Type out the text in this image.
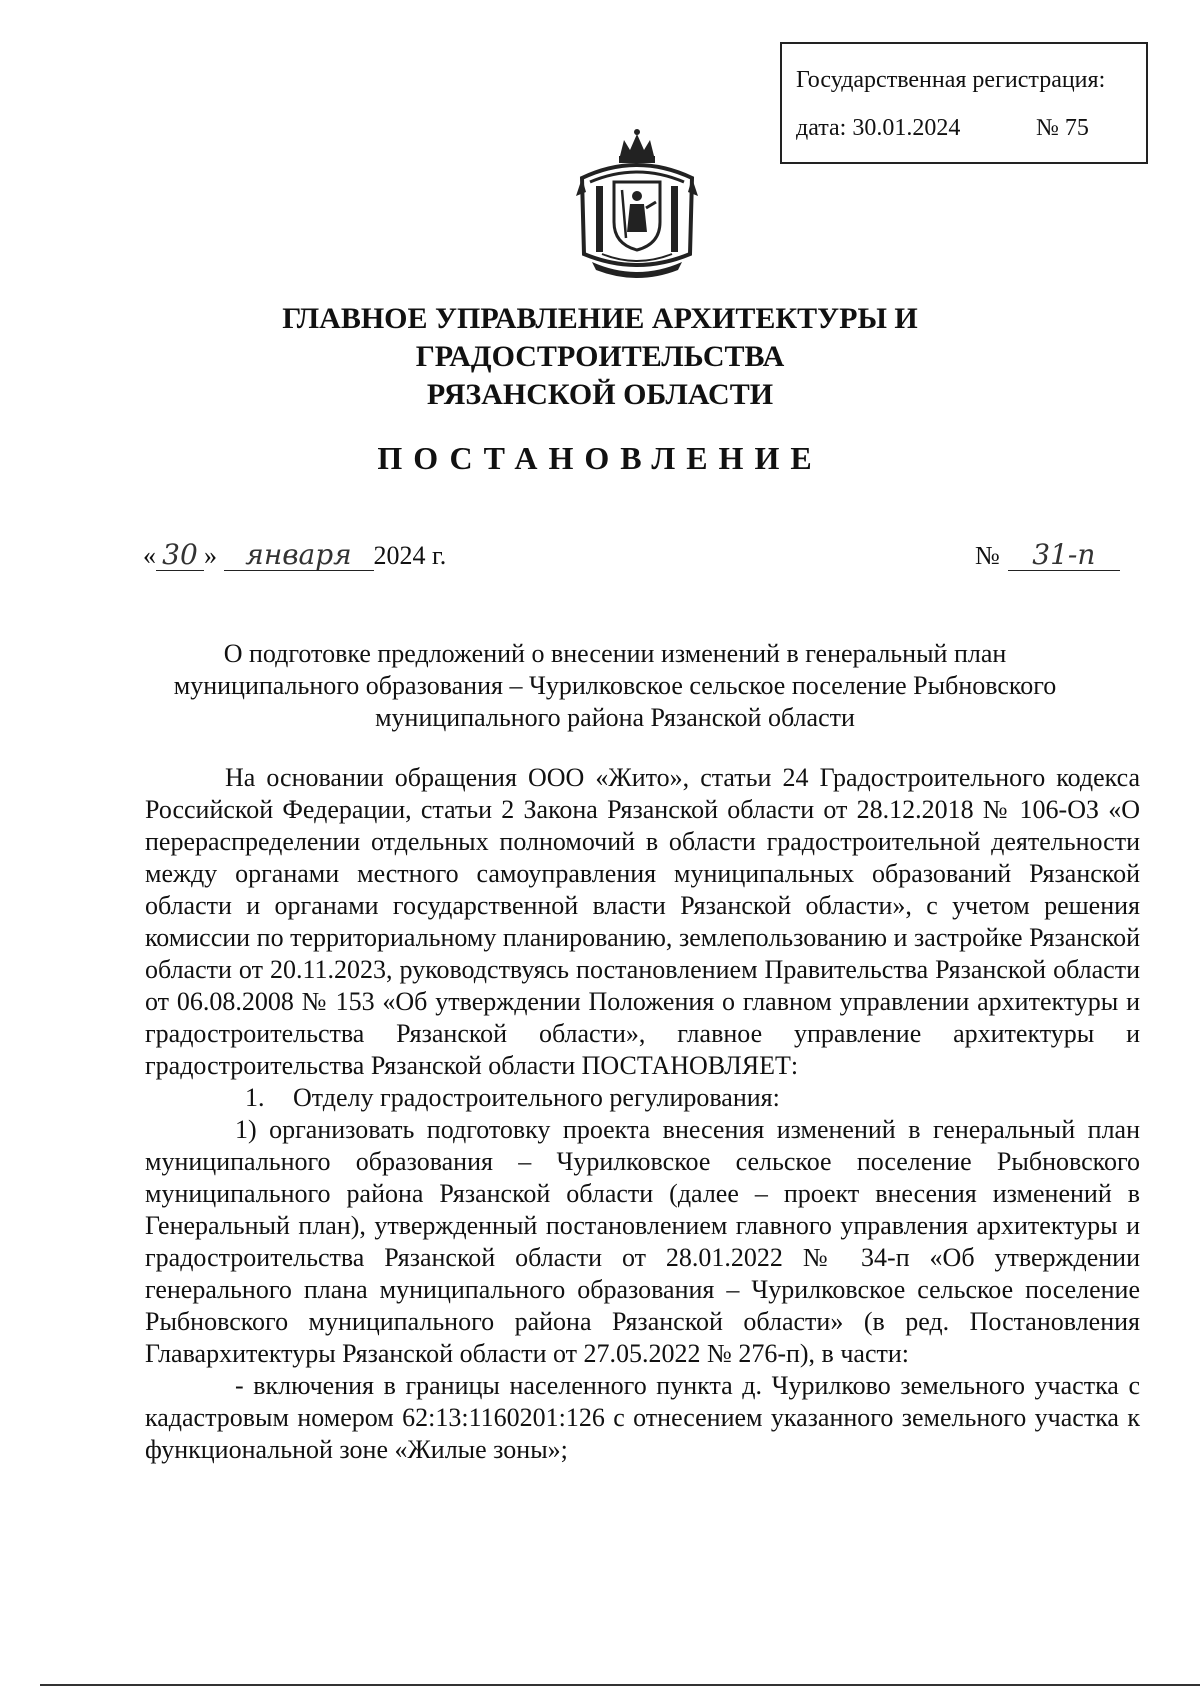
Государственная регистрация:
дата: 30.01.2024	№ 75
ГЛАВНОЕ УПРАВЛЕНИЕ АРХИТЕКТУРЫ И ГРАДОСТРОИТЕЛЬСТВА
РЯЗАНСКОЙ ОБЛАСТИ
ПОСТАНОВЛЕНИЕ
« 30 » января 2024 г.	№ 31-п
О подготовке предложений о внесении изменений в генеральный план
муниципального образования – Чурилковское сельское поселение Рыбновского
муниципального района Рязанской области

На основании обращения ООО «Жито», статьи 24 Градостроительного кодекса Российской Федерации, статьи 2 Закона Рязанской области от 28.12.2018 № 106-ОЗ «О перераспределении отдельных полномочий в области градостроительной деятельности между органами местного самоуправления муниципальных образований Рязанской области и органами государственной власти Рязанской области», с учетом решения комиссии по территориальному планированию, землепользованию и застройке Рязанской области от 20.11.2023, руководствуясь постановлением Правительства Рязанской области от 06.08.2008 № 153 «Об утверждении Положения о главном управлении архитектуры и градостроительства Рязанской области», главное управление архитектуры и градостроительства Рязанской области ПОСТАНОВЛЯЕТ:

1. Отделу градостроительного регулирования:

1) организовать подготовку проекта внесения изменений в генеральный план муниципального образования – Чурилковское сельское поселение Рыбновского муниципального района Рязанской области (далее – проект внесения изменений в Генеральный план), утвержденный постановлением главного управления архитектуры и градостроительства Рязанской области от 28.01.2022 № 34-п «Об утверждении генерального плана муниципального образования – Чурилковское сельское поселение Рыбновского муниципального района Рязанской области» (в ред. Постановления Главархитектуры Рязанской области от 27.05.2022 № 276-п), в части:

- включения в границы населенного пункта д. Чурилково земельного участка с кадастровым номером 62:13:1160201:126 с отнесением указанного земельного участка к функциональной зоне «Жилые зоны»;
